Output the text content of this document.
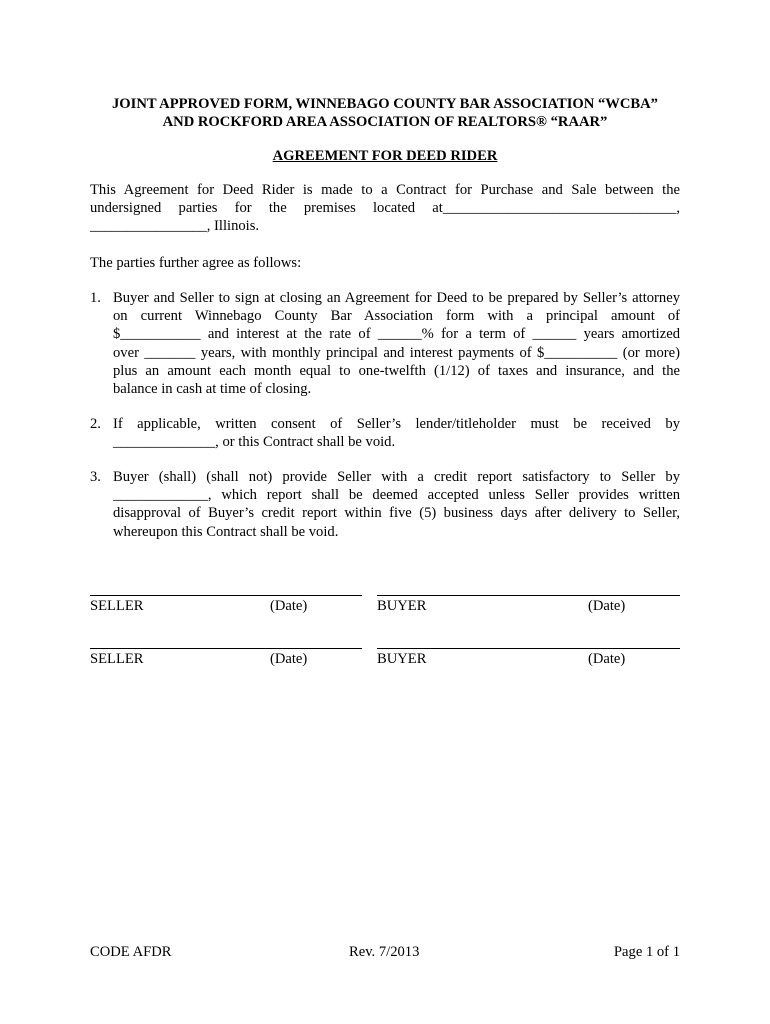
JOINT APPROVED FORM, WINNEBAGO COUNTY BAR ASSOCIATION “WCBA”
AND ROCKFORD AREA ASSOCIATION OF REALTORS® “RAAR”
AGREEMENT FOR DEED RIDER
This Agreement for Deed Rider is made to a Contract for Purchase and Sale between the
undersigned parties for the premises located at________________________________,
________________, Illinois.
The parties further agree as follows:
1. Buyer and Seller to sign at closing an Agreement for Deed to be prepared by Seller’s attorney
on current Winnebago County Bar Association form with a principal amount of
$___________ and interest at the rate of ______% for a term of ______ years amortized
over _______ years, with monthly principal and interest payments of $__________ (or more)
plus an amount each month equal to one-twelfth (1/12) of taxes and insurance, and the
balance in cash at time of closing.
2. If applicable, written consent of Seller’s lender/titleholder must be received by
______________, or this Contract shall be void.
3. Buyer (shall) (shall not) provide Seller with a credit report satisfactory to Seller by
_____________, which report shall be deemed accepted unless Seller provides written
disapproval of Buyer’s credit report within five (5) business days after delivery to Seller,
whereupon this Contract shall be void.
SELLER	(Date)	BUYER	(Date)
SELLER	(Date)	BUYER	(Date)
CODE AFDR	Rev. 7/2013	Page 1 of 1
